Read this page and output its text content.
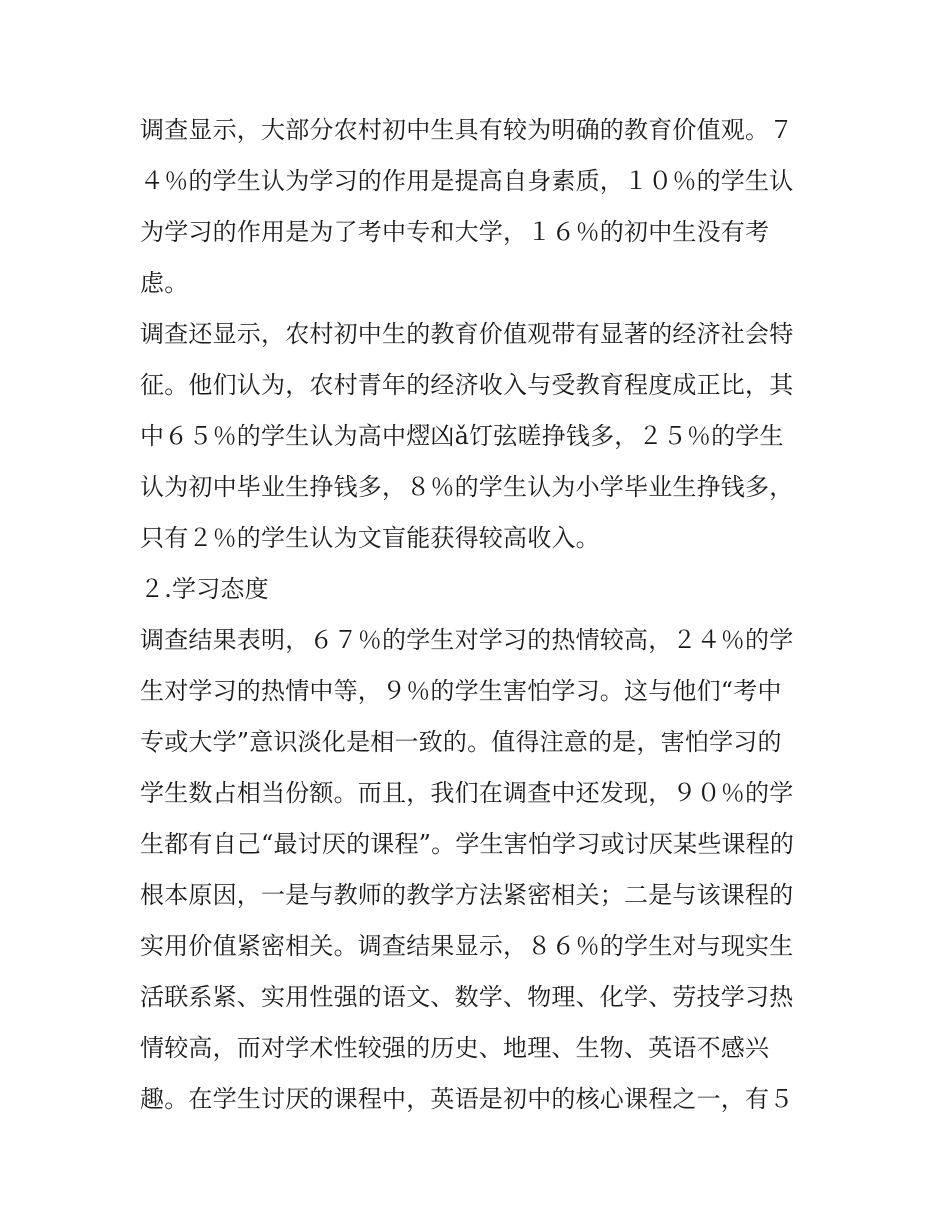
调查显示，大部分农村初中生具有较为明确的教育价值观。７
４％的学生认为学习的作用是提高自身素质，１０％的学生认
为学习的作用是为了考中专和大学，１６％的初中生没有考
虑。
调查还显示，农村初中生的教育价值观带有显著的经济社会特
征。他们认为，农村青年的经济收入与受教育程度成正比，其
中６５％的学生认为高中熤凶ǎ饤弦暛挣钱多，２５％的学生
认为初中毕业生挣钱多，８％的学生认为小学毕业生挣钱多，
只有２％的学生认为文盲能获得较高收入。
２.学习态度
调查结果表明，６７％的学生对学习的热情较高，２４％的学
生对学习的热情中等，９％的学生害怕学习。这与他们“考中
专或大学”意识淡化是相一致的。值得注意的是，害怕学习的
学生数占相当份额。而且，我们在调查中还发现，９０％的学
生都有自己“最讨厌的课程”。学生害怕学习或讨厌某些课程的
根本原因，一是与教师的教学方法紧密相关；二是与该课程的
实用价值紧密相关。调查结果显示，８６％的学生对与现实生
活联系紧、实用性强的语文、数学、物理、化学、劳技学习热
情较高，而对学术性较强的历史、地理、生物、英语不感兴
趣。在学生讨厌的课程中，英语是初中的核心课程之一，有５
